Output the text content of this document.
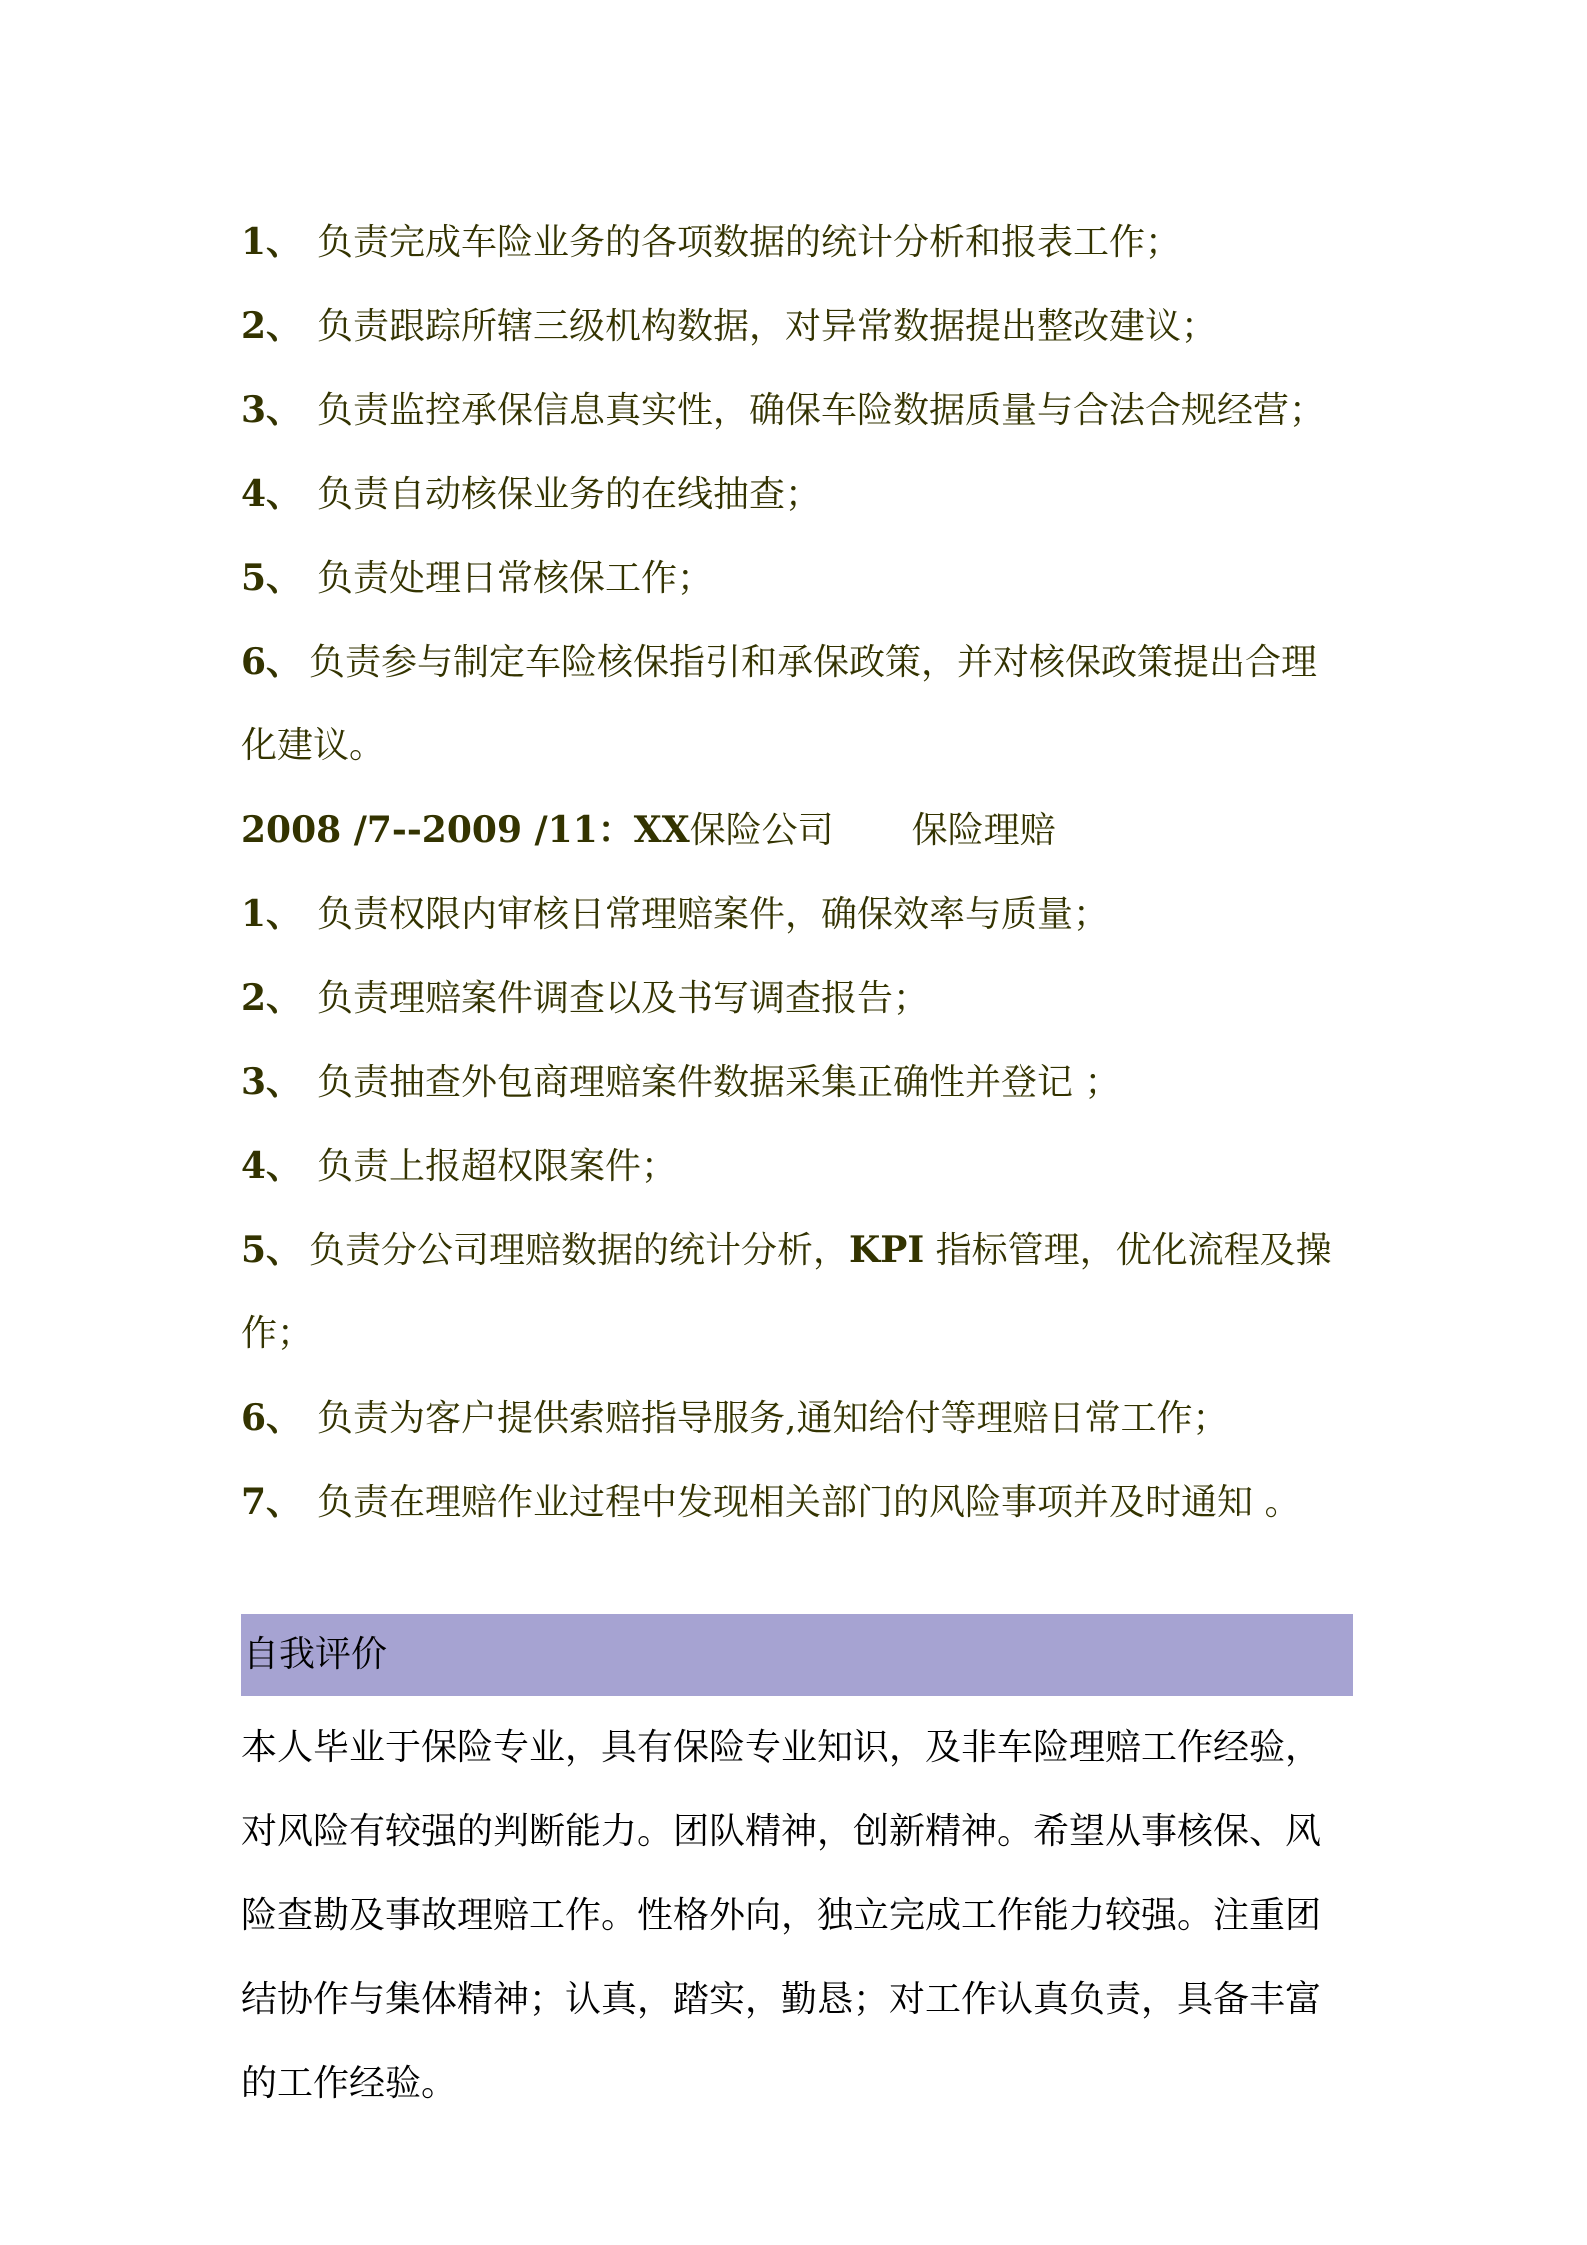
1、 负责完成车险业务的各项数据的统计分析和报表工作；
2、 负责跟踪所辖三级机构数据，对异常数据提出整改建议；
3、 负责监控承保信息真实性，确保车险数据质量与合法合规经营；
4、 负责自动核保业务的在线抽查；
5、 负责处理日常核保工作；
6、 负责参与制定车险核保指引和承保政策，并对核保政策提出合理
化建议。
2008 /7--2009 /11：XX保险公司 保险理赔
1、 负责权限内审核日常理赔案件，确保效率与质量；
2、 负责理赔案件调查以及书写调查报告；
3、 负责抽查外包商理赔案件数据采集正确性并登记 ；
4、 负责上报超权限案件；
5、 负责分公司理赔数据的统计分析，KPI 指标管理，优化流程及操
作；
6、 负责为客户提供索赔指导服务,通知给付等理赔日常工作；
7、 负责在理赔作业过程中发现相关部门的风险事项并及时通知 。
自我评价

本人毕业于保险专业，具有保险专业知识，及非车险理赔工作经验，

对风险有较强的判断能力。团队精神，创新精神。希望从事核保、风

险查勘及事故理赔工作。性格外向，独立完成工作能力较强。注重团

结协作与集体精神；认真，踏实，勤恳；对工作认真负责，具备丰富

的工作经验。
